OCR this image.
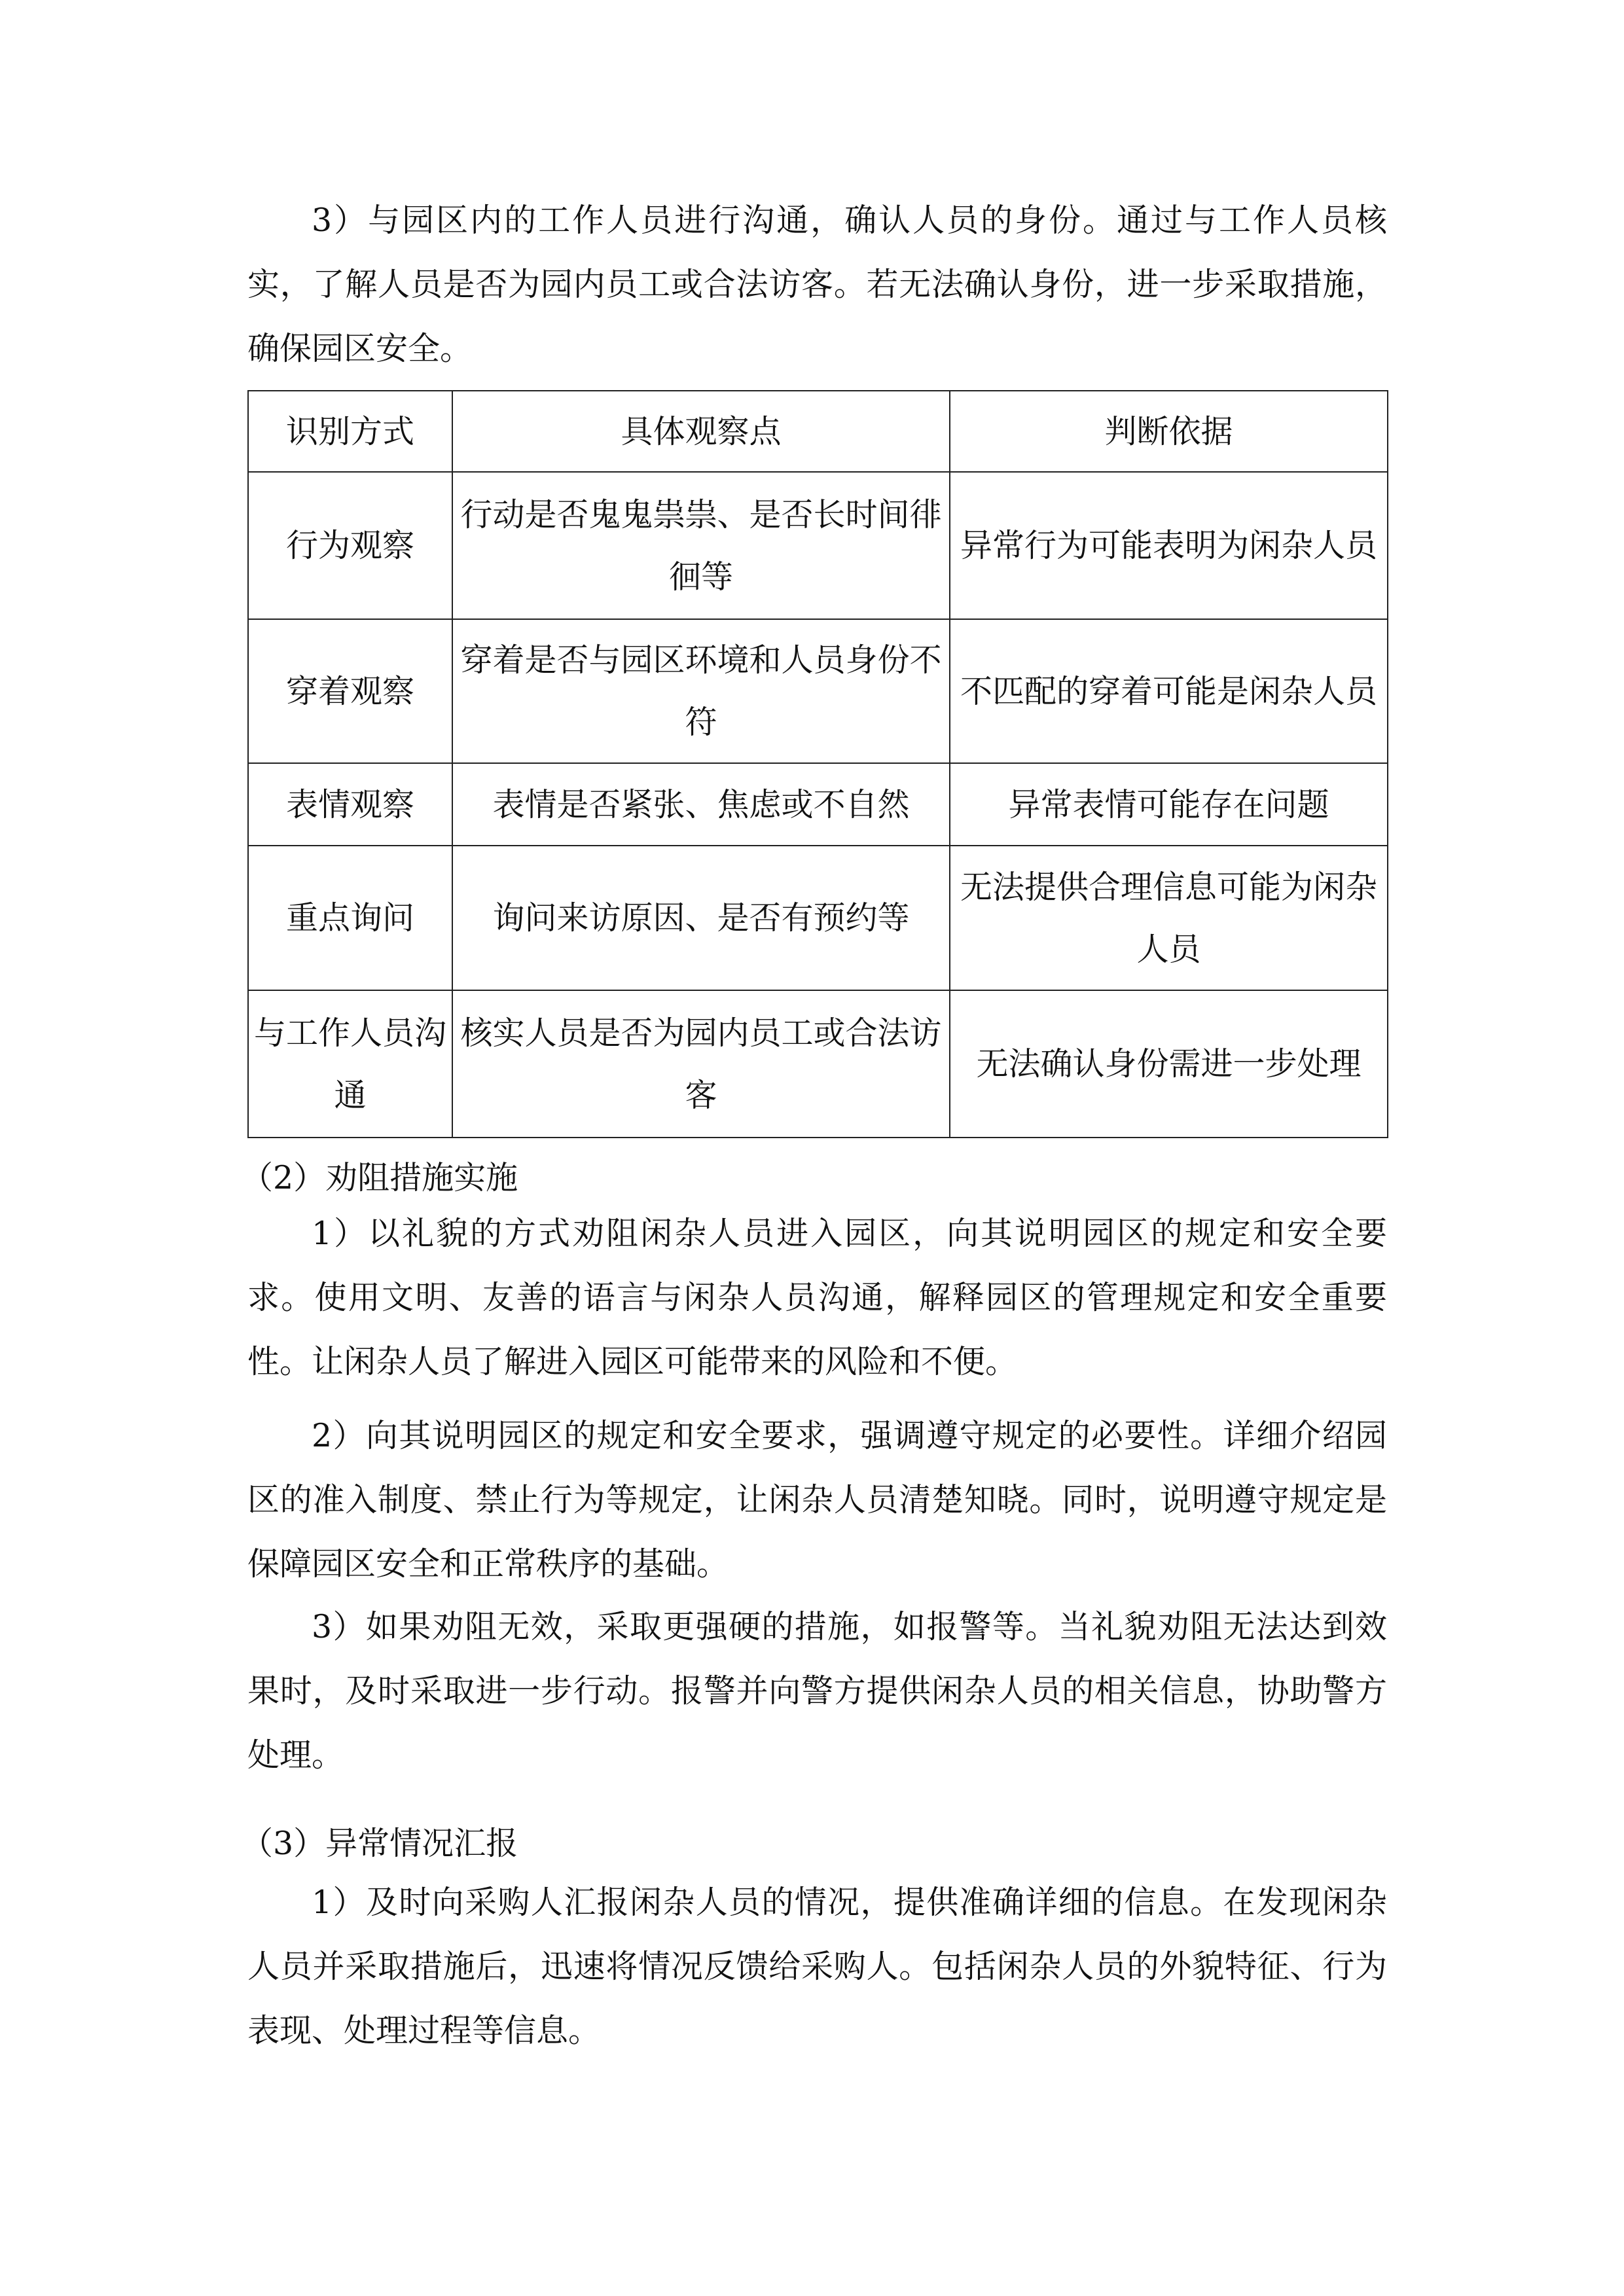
3）与园区内的工作人员进行沟通，确认人员的身份。通过与工作人员核实，了解人员是否为园内员工或合法访客。若无法确认身份，进一步采取措施，确保园区安全。

识别方式	具体观察点	判断依据
行为观察	行动是否鬼鬼祟祟、是否长时间徘徊等	异常行为可能表明为闲杂人员
穿着观察	穿着是否与园区环境和人员身份不符	不匹配的穿着可能是闲杂人员
表情观察	表情是否紧张、焦虑或不自然	异常表情可能存在问题
重点询问	询问来访原因、是否有预约等	无法提供合理信息可能为闲杂人员
与工作人员沟通	核实人员是否为园内员工或合法访客	无法确认身份需进一步处理
（2）劝阻措施实施

1）以礼貌的方式劝阻闲杂人员进入园区，向其说明园区的规定和安全要求。使用文明、友善的语言与闲杂人员沟通，解释园区的管理规定和安全重要性。让闲杂人员了解进入园区可能带来的风险和不便。

2）向其说明园区的规定和安全要求，强调遵守规定的必要性。详细介绍园区的准入制度、禁止行为等规定，让闲杂人员清楚知晓。同时，说明遵守规定是保障园区安全和正常秩序的基础。

3）如果劝阻无效，采取更强硬的措施，如报警等。当礼貌劝阻无法达到效果时，及时采取进一步行动。报警并向警方提供闲杂人员的相关信息，协助警方处理。

（3）异常情况汇报

1）及时向采购人汇报闲杂人员的情况，提供准确详细的信息。在发现闲杂人员并采取措施后，迅速将情况反馈给采购人。包括闲杂人员的外貌特征、行为表现、处理过程等信息。
